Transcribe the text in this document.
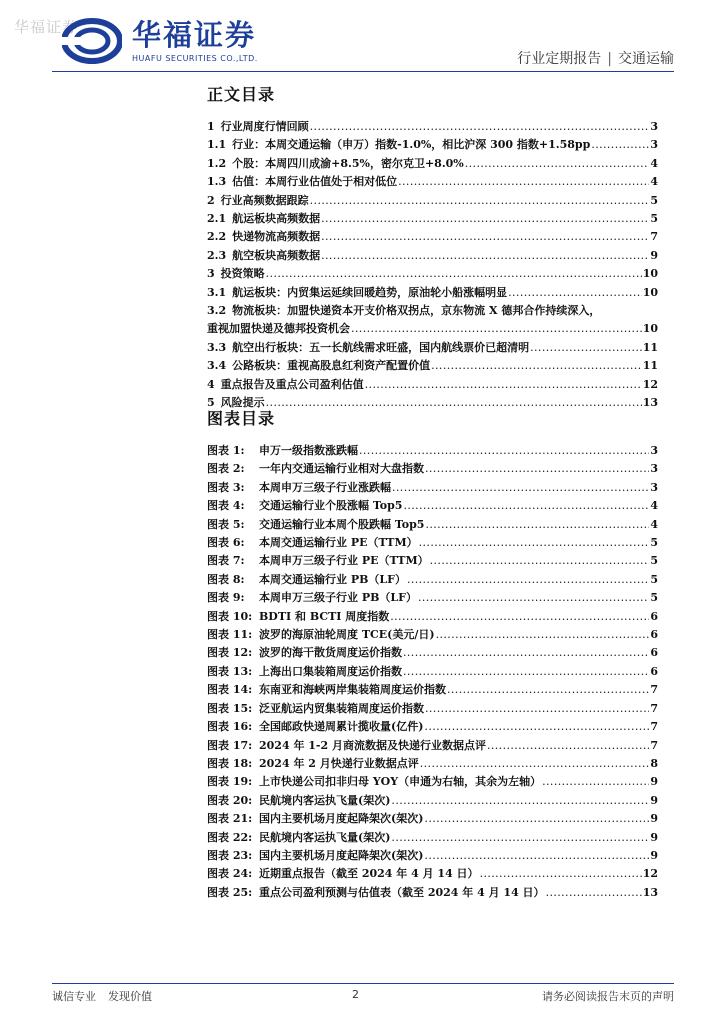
华福证券 华福证券
HUAFU SECURITIES CO.,LTD.	行业定期报告 | 交通运输
正文目录
1 行业周度行情回顾 .....	3
1.1 行业：本周交通运输（申万）指数-1.0%，相比沪深 300 指数+1.58pp .....	3
1.2 个股：本周四川成渝+8.5%，密尔克卫+8.0% .....	4
1.3 估值：本周行业估值处于相对低位 .....	4
2 行业高频数据跟踪 .....	5
2.1 航运板块高频数据 .....	5
2.2 快递物流高频数据 .....	7
2.3 航空板块高频数据 .....	9
3 投资策略 .....	10
3.1 航运板块：内贸集运延续回暖趋势，原油轮小船涨幅明显 .....	10
3.2 物流板块：加盟快递资本开支价格双拐点，京东物流 X 德邦合作持续深入，
重视加盟快递及德邦投资机会 .....	10
3.3 航空出行板块：五一长航线需求旺盛，国内航线票价已超清明 .....	11
3.4 公路板块：重视高股息红利资产配置价值 .....	11
4 重点报告及重点公司盈利估值 .....	12
5 风险提示 .....	13
图表目录
图表 1:	申万一级指数涨跌幅 .....	3
图表 2:	一年内交通运输行业相对大盘指数 .....	3
图表 3:	本周申万三级子行业涨跌幅 .....	3
图表 4:	交通运输行业个股涨幅 Top5 .....	4
图表 5:	交通运输行业本周个股跌幅 Top5 .....	4
图表 6:	本周交通运输行业 PE（TTM） .....	5
图表 7:	本周申万三级子行业 PE（TTM） .....	5
图表 8:	本周交通运输行业 PB（LF） .....	5
图表 9:	本周申万三级子行业 PB（LF） .....	5
图表 10: BDTI 和 BCTI 周度指数 .....	6
图表 11: 波罗的海原油轮周度 TCE(美元/日) .....	6
图表 12: 波罗的海干散货周度运价指数 .....	6
图表 13: 上海出口集装箱周度运价指数 .....	6
图表 14: 东南亚和海峡两岸集装箱周度运价指数 .....	7
图表 15: 泛亚航运内贸集装箱周度运价指数 .....	7
图表 16: 全国邮政快递周累计揽收量(亿件) .....	7
图表 17: 2024 年 1-2 月商流数据及快递行业数据点评 .....	7
图表 18: 2024 年 2 月快递行业数据点评 .....	8
图表 19: 上市快递公司扣非归母 YOY（申通为右轴，其余为左轴） .....	9
图表 20: 民航境内客运执飞量(架次) .....	9
图表 21: 国内主要机场月度起降架次(架次) .....	9
图表 22: 民航境内客运执飞量(架次) .....	9
图表 23: 国内主要机场月度起降架次(架次) .....	9
图表 24: 近期重点报告（截至 2024 年 4 月 14 日） .....	12
图表 25: 重点公司盈利预测与估值表（截至 2024 年 4 月 14 日） .....	13
诚信专业 发现价值	2	请务必阅读报告末页的声明
